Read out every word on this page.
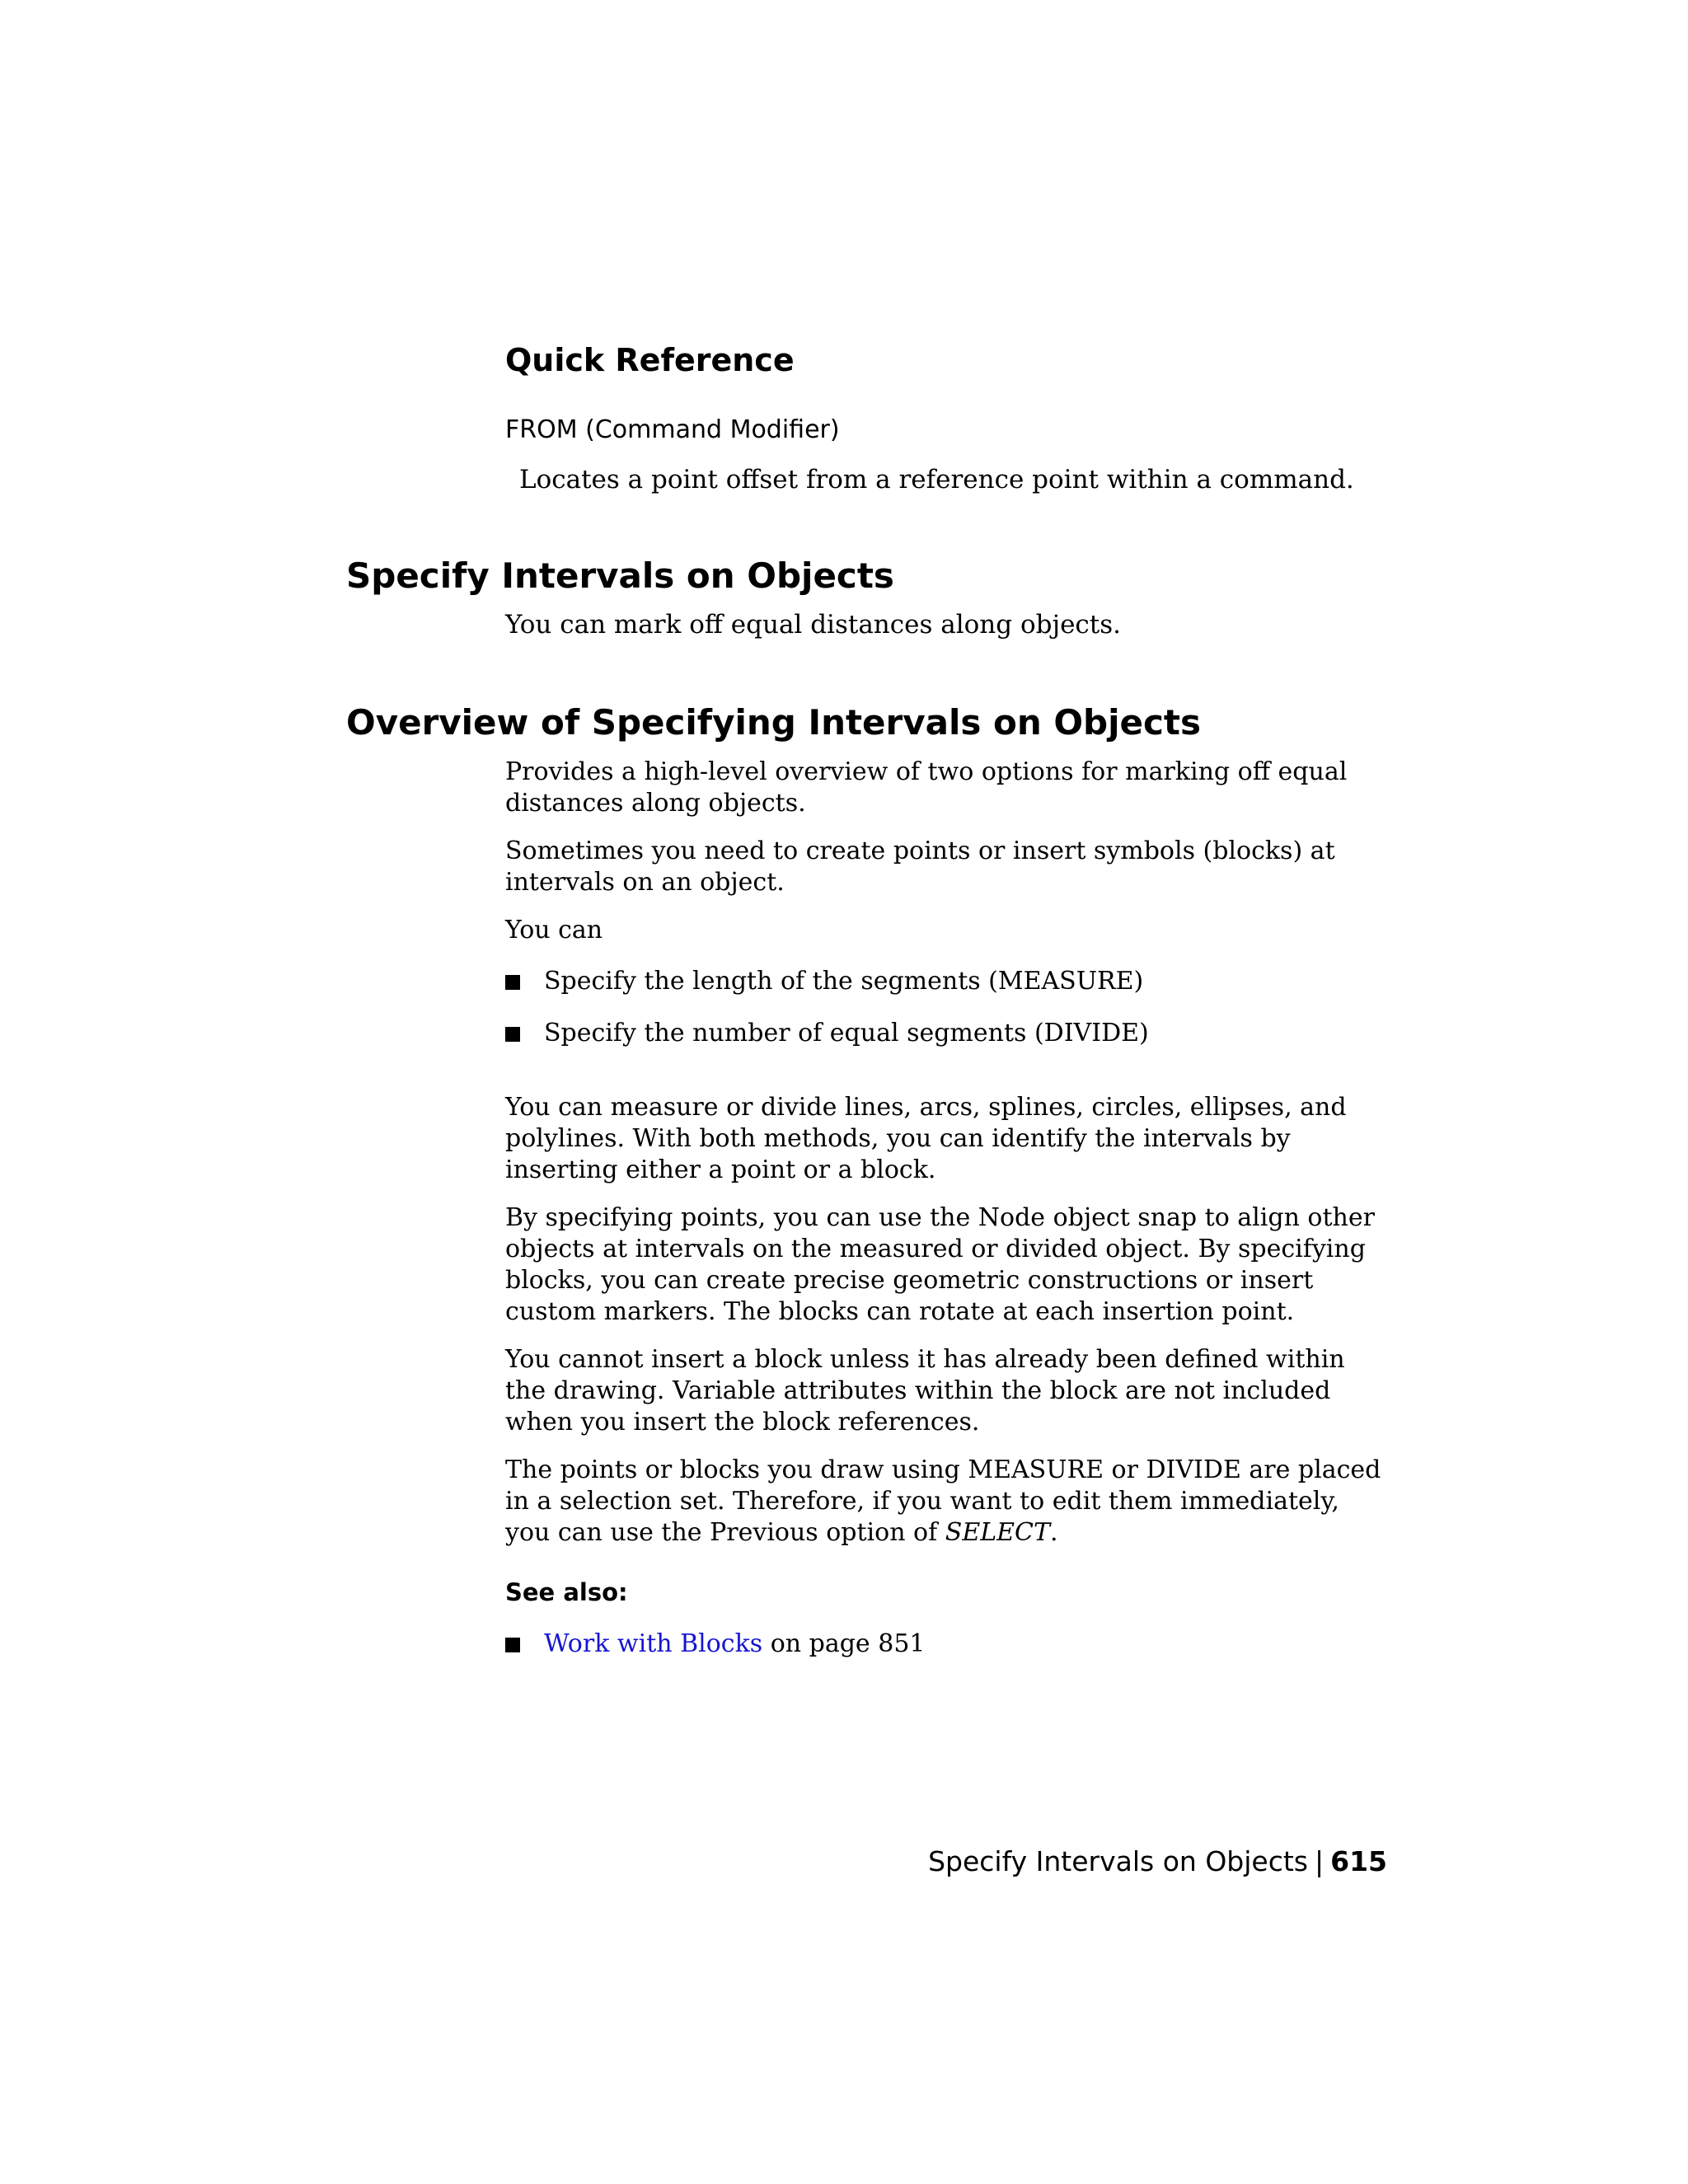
Quick Reference
FROM (Command Modifier)
Locates a point offset from a reference point within a command.
Specify Intervals on Objects
You can mark off equal distances along objects.
Overview of Specifying Intervals on Objects

Provides a high-level overview of two options for marking off equal distances along objects.

Sometimes you need to create points or insert symbols (blocks) at intervals on an object.

You can

Specify the length of the segments (MEASURE)
Specify the number of equal segments (DIVIDE)

You can measure or divide lines, arcs, splines, circles, ellipses, and polylines. With both methods, you can identify the intervals by inserting either a point or a block.

By specifying points, you can use the Node object snap to align other objects at intervals on the measured or divided object. By specifying blocks, you can create precise geometric constructions or insert custom markers. The blocks can rotate at each insertion point.

You cannot insert a block unless it has already been defined within the drawing. Variable attributes within the block are not included when you insert the block references.

The points or blocks you draw using MEASURE or DIVIDE are placed in a selection set. Therefore, if you want to edit them immediately, you can use the Previous option of SELECT.

See also:
Work with Blocks on page 851
Specify Intervals on Objects | 615
